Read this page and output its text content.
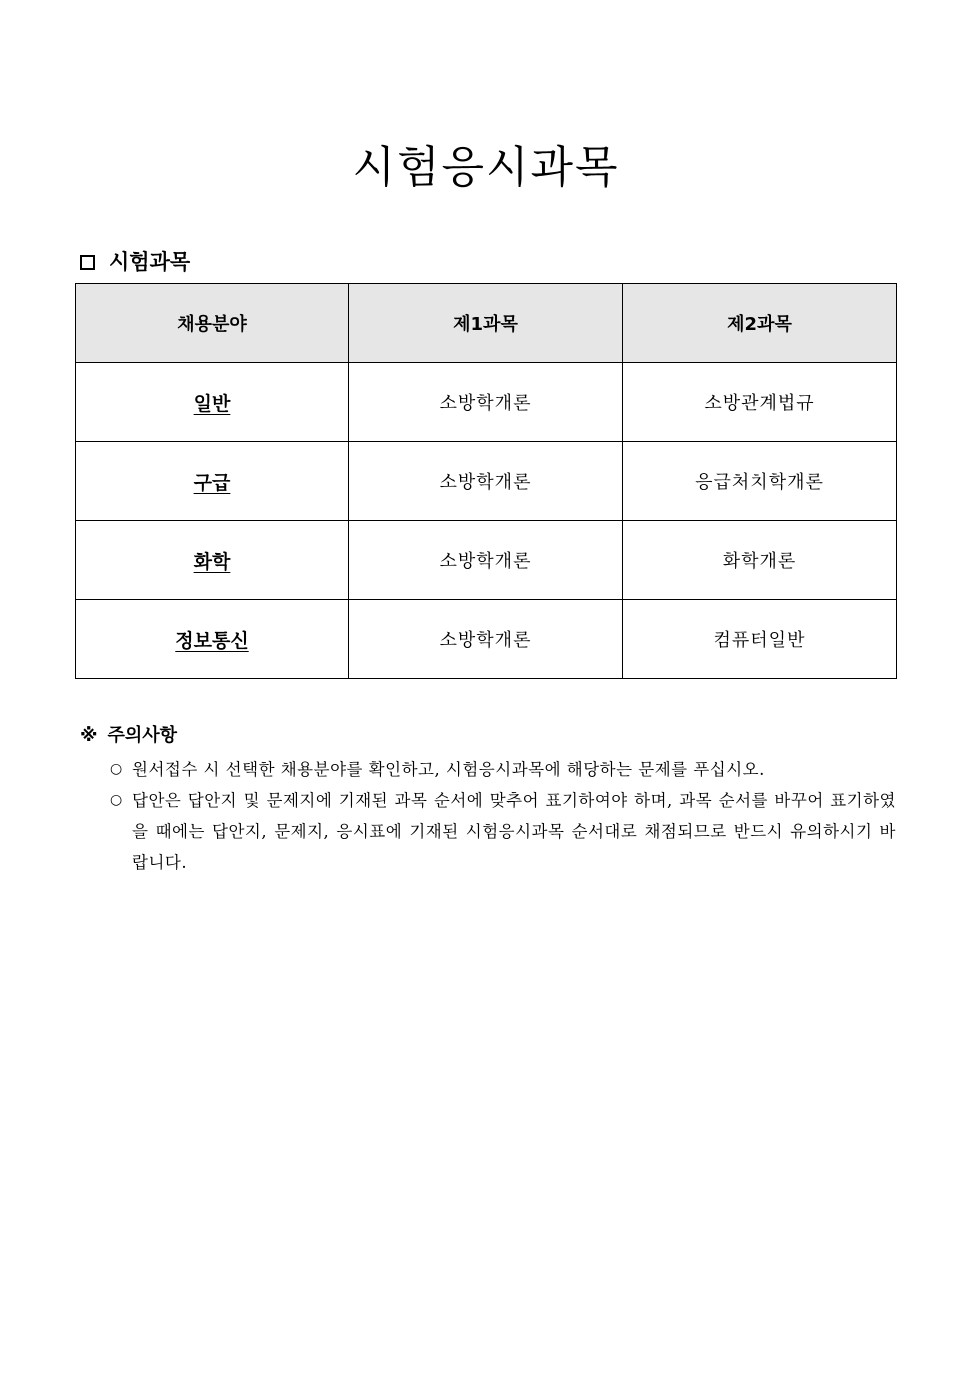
시험응시과목
시험과목
채용분야	제1과목	제2과목
일반	소방학개론	소방관계법규
구급	소방학개론	응급처치학개론
화학	소방학개론	화학개론
정보통신	소방학개론	컴퓨터일반
※ 주의사항
○ 원서접수 시 선택한 채용분야를 확인하고, 시험응시과목에 해당하는 문제를 푸십시오.
○ 답안은 답안지 및 문제지에 기재된 과목 순서에 맞추어 표기하여야 하며, 과목 순서를 바꾸어 표기하였을 때에는 답안지, 문제지, 응시표에 기재된 시험응시과목 순서대로 채점되므로 반드시 유의하시기 바랍니다.
